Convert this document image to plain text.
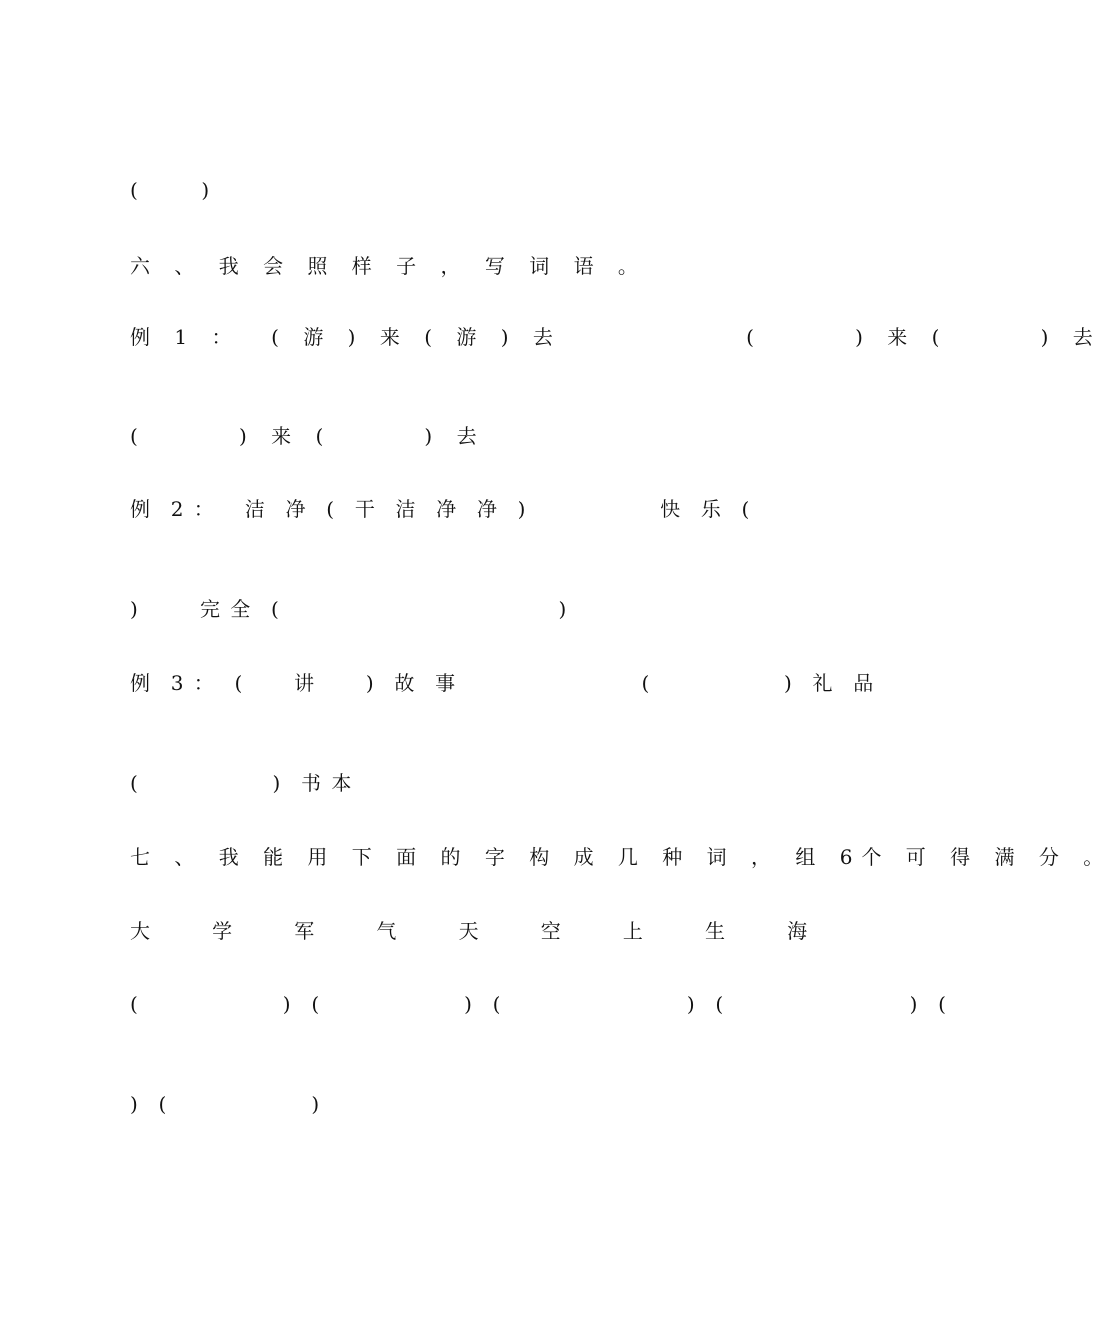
(          )
六 、 我 会 照 样 子 ， 写 词 语 。
例 1 ：  ( 游 ) 来 ( 游 ) 去            (      ) 来 (      ) 去
(      ) 来 (      ) 去
例  2 ：   洁  净  (  干  洁  净  净  )             快  乐  (
)      完 全  (                           )
例  3 ：  (     讲     )  故  事                  (             )  礼  品
(             )  书 本
七 、 我 能 用 下 面 的 字 构 成 几 种 词 ， 组 6个 可 得 满 分 。
大      学      军      气      天      空      上      生      海
(              )  (              )  (                  )  (                  )  (
)  (              )
